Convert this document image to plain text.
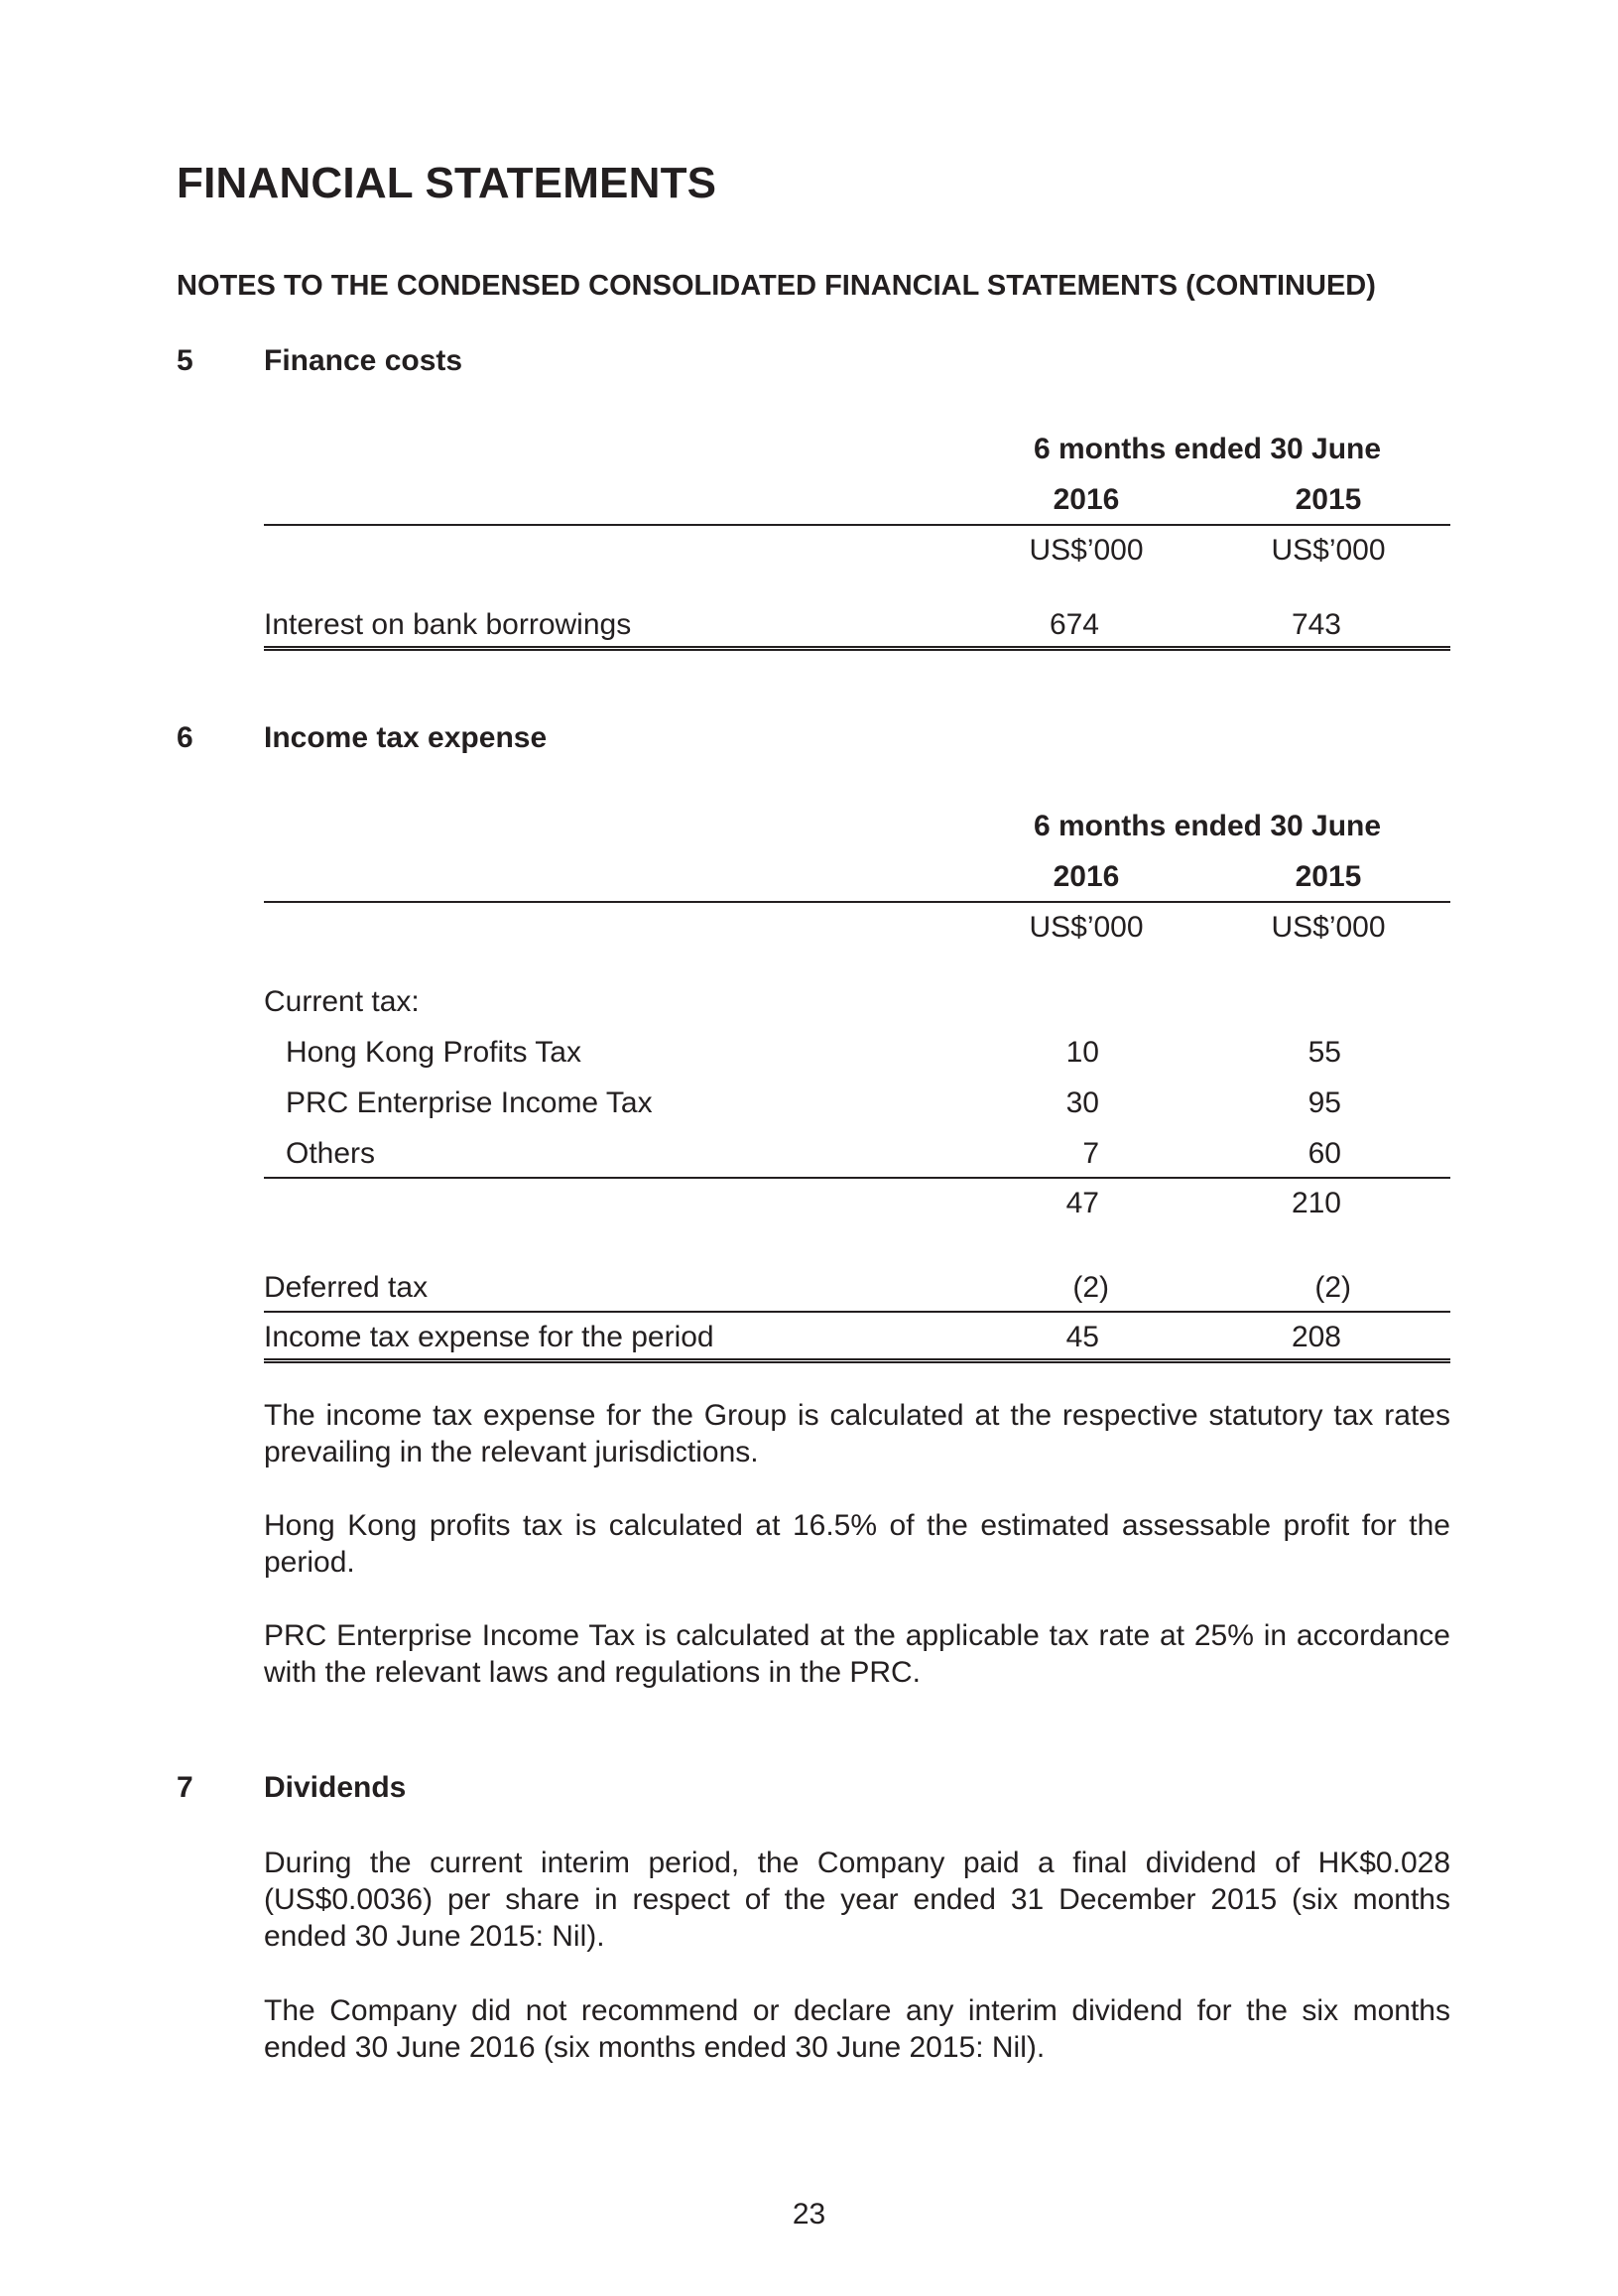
FINANCIAL STATEMENTS
NOTES TO THE CONDENSED CONSOLIDATED FINANCIAL STATEMENTS (CONTINUED)
5 Finance costs
6 months ended 30 June
2016	2015
US$’000	US$’000
Interest on bank borrowings	674	743
6 Income tax expense
6 months ended 30 June
2016	2015
US$’000	US$’000
Current tax:
Hong Kong Profits Tax	10	55
PRC Enterprise Income Tax	30	95
Others	7	60
47	210
Deferred tax	(2)	(2)
Income tax expense for the period	45	208
The income tax expense for the Group is calculated at the respective statutory tax rates prevailing in the relevant jurisdictions.
Hong Kong profits tax is calculated at 16.5% of the estimated assessable profit for the period.
PRC Enterprise Income Tax is calculated at the applicable tax rate at 25% in accordance with the relevant laws and regulations in the PRC.
7 Dividends
During the current interim period, the Company paid a final dividend of HK$0.028 (US$0.0036) per share in respect of the year ended 31 December 2015 (six months ended 30 June 2015: Nil).
The Company did not recommend or declare any interim dividend for the six months ended 30 June 2016 (six months ended 30 June 2015: Nil).
23
